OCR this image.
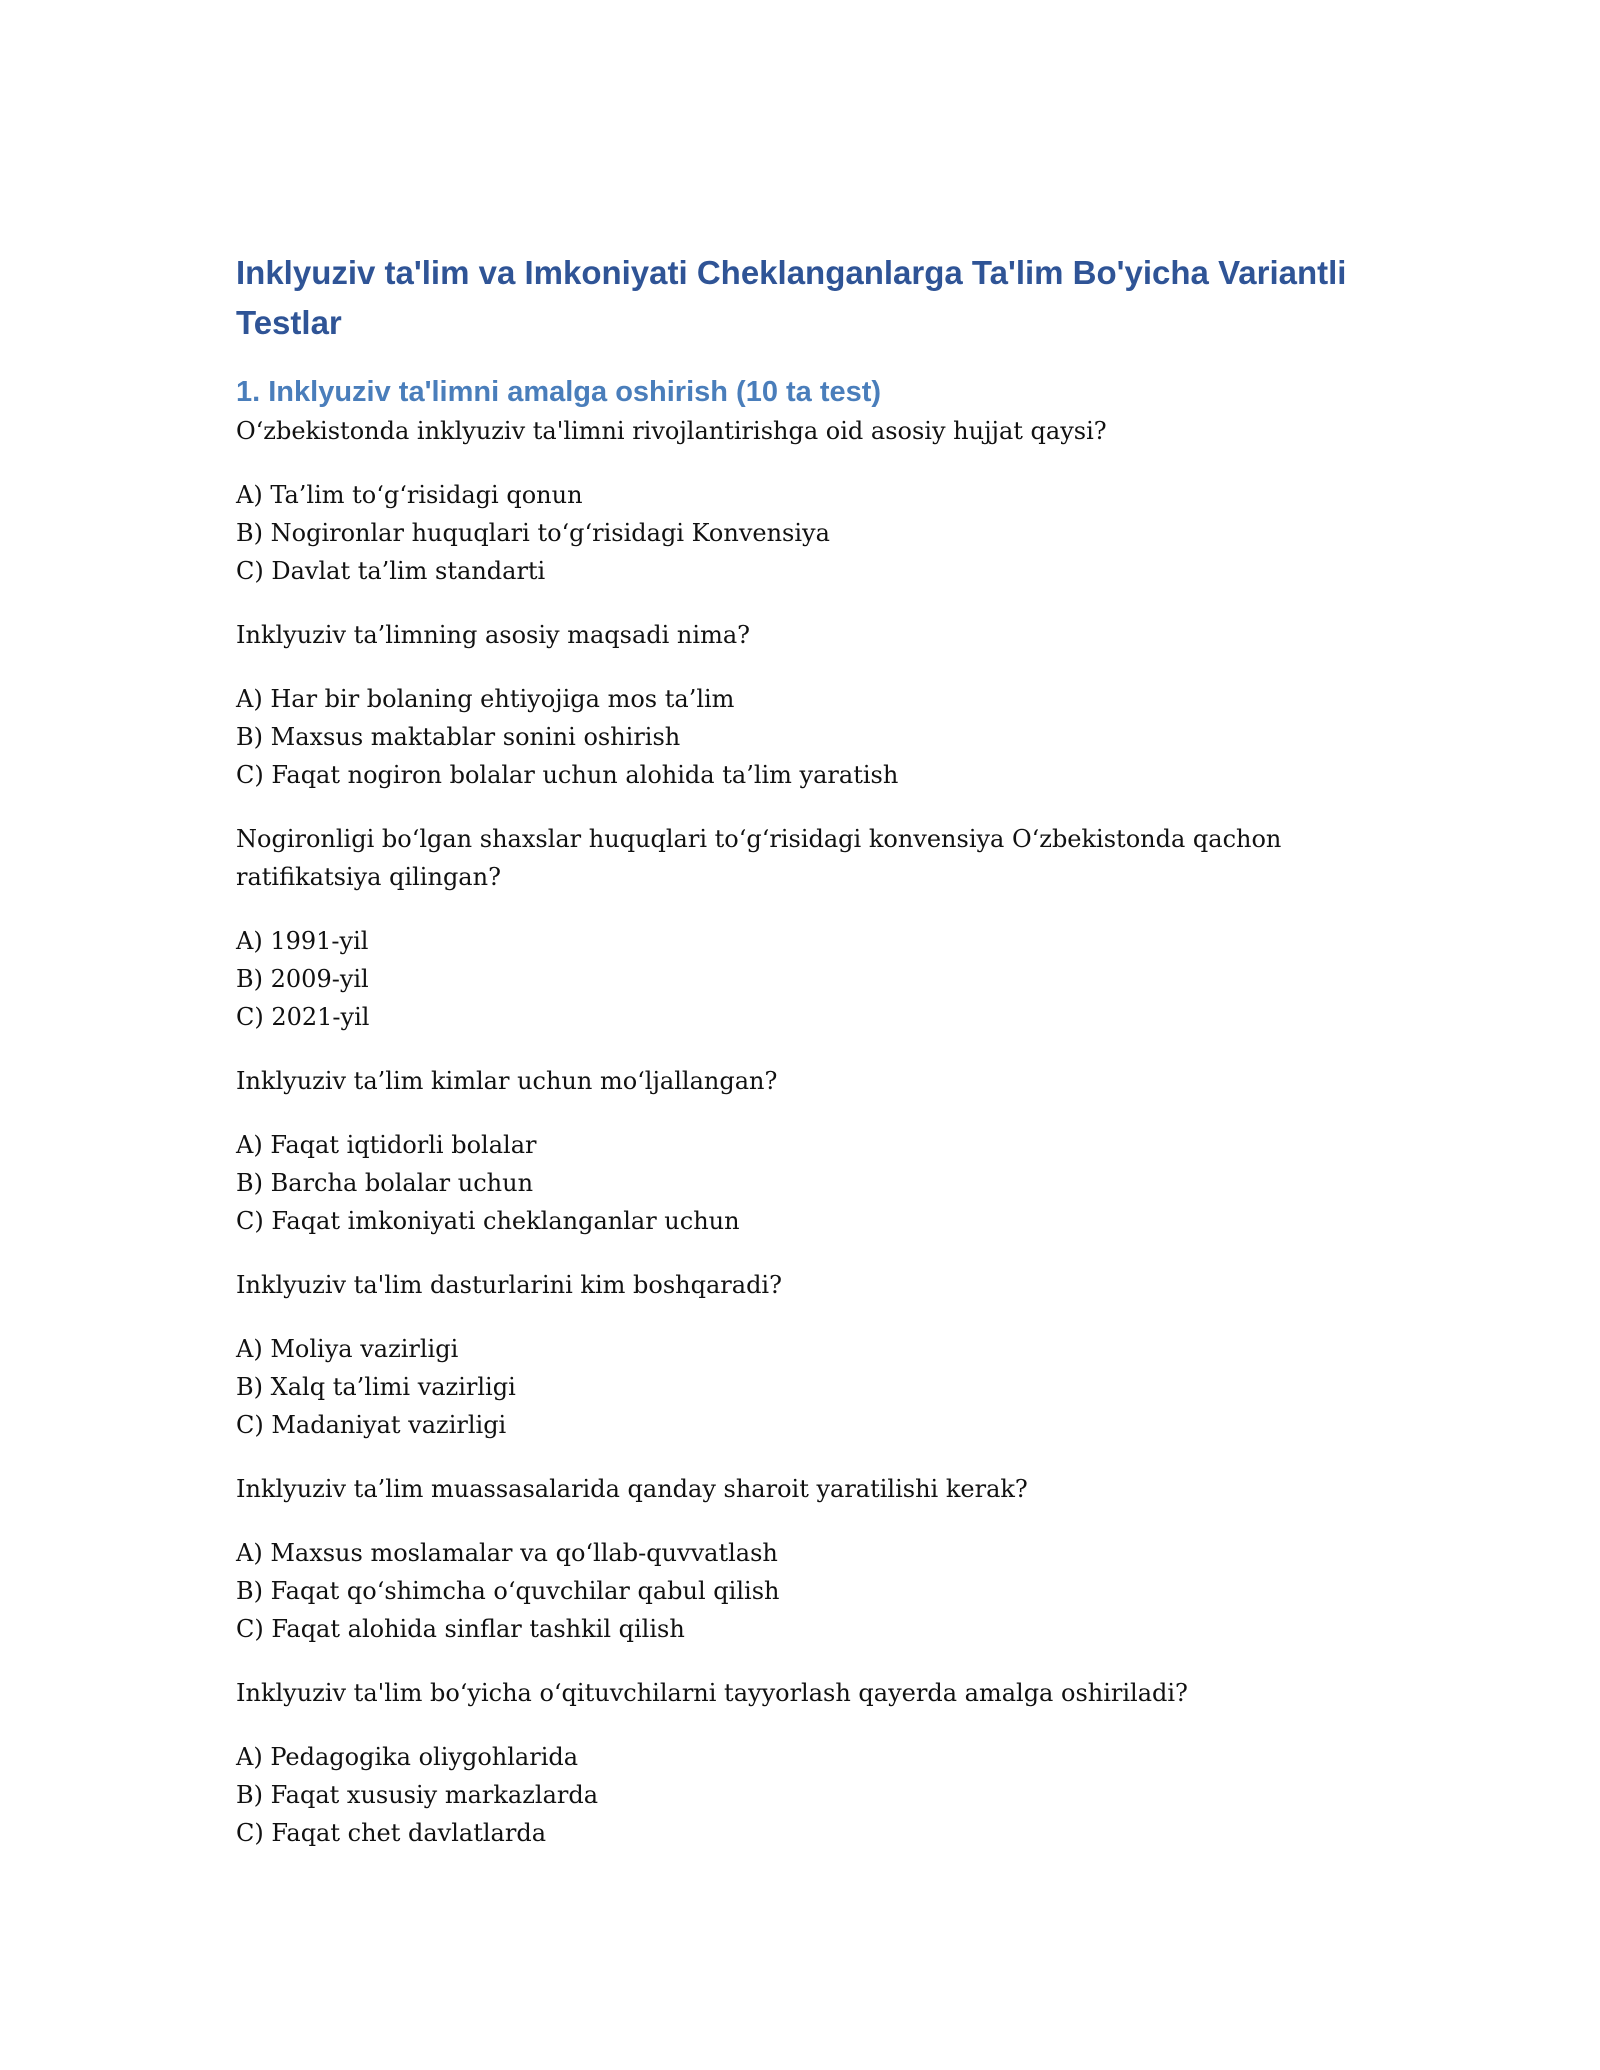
Inklyuziv ta'lim va Imkoniyati Cheklanganlarga Ta'lim Bo'yicha Variantli Testlar
1. Inklyuziv ta'limni amalga oshirish (10 ta test)

O‘zbekistonda inklyuziv ta'limni rivojlantirishga oid asosiy hujjat qaysi?

A) Ta’lim to‘g‘risidagi qonun

B) Nogironlar huquqlari to‘g‘risidagi Konvensiya

C) Davlat ta’lim standarti

Inklyuziv ta’limning asosiy maqsadi nima?

A) Har bir bolaning ehtiyojiga mos ta’lim

B) Maxsus maktablar sonini oshirish

C) Faqat nogiron bolalar uchun alohida ta’lim yaratish

Nogironligi bo‘lgan shaxslar huquqlari to‘g‘risidagi konvensiya O‘zbekistonda qachon ratifikatsiya qilingan?

A) 1991-yil

B) 2009-yil

C) 2021-yil

Inklyuziv ta’lim kimlar uchun mo‘ljallangan?

A) Faqat iqtidorli bolalar

B) Barcha bolalar uchun

C) Faqat imkoniyati cheklanganlar uchun

Inklyuziv ta'lim dasturlarini kim boshqaradi?

A) Moliya vazirligi

B) Xalq ta’limi vazirligi

C) Madaniyat vazirligi

Inklyuziv ta’lim muassasalarida qanday sharoit yaratilishi kerak?

A) Maxsus moslamalar va qo‘llab-quvvatlash

B) Faqat qo‘shimcha o‘quvchilar qabul qilish

C) Faqat alohida sinflar tashkil qilish

Inklyuziv ta'lim bo‘yicha o‘qituvchilarni tayyorlash qayerda amalga oshiriladi?

A) Pedagogika oliygohlarida

B) Faqat xususiy markazlarda

C) Faqat chet davlatlarda
